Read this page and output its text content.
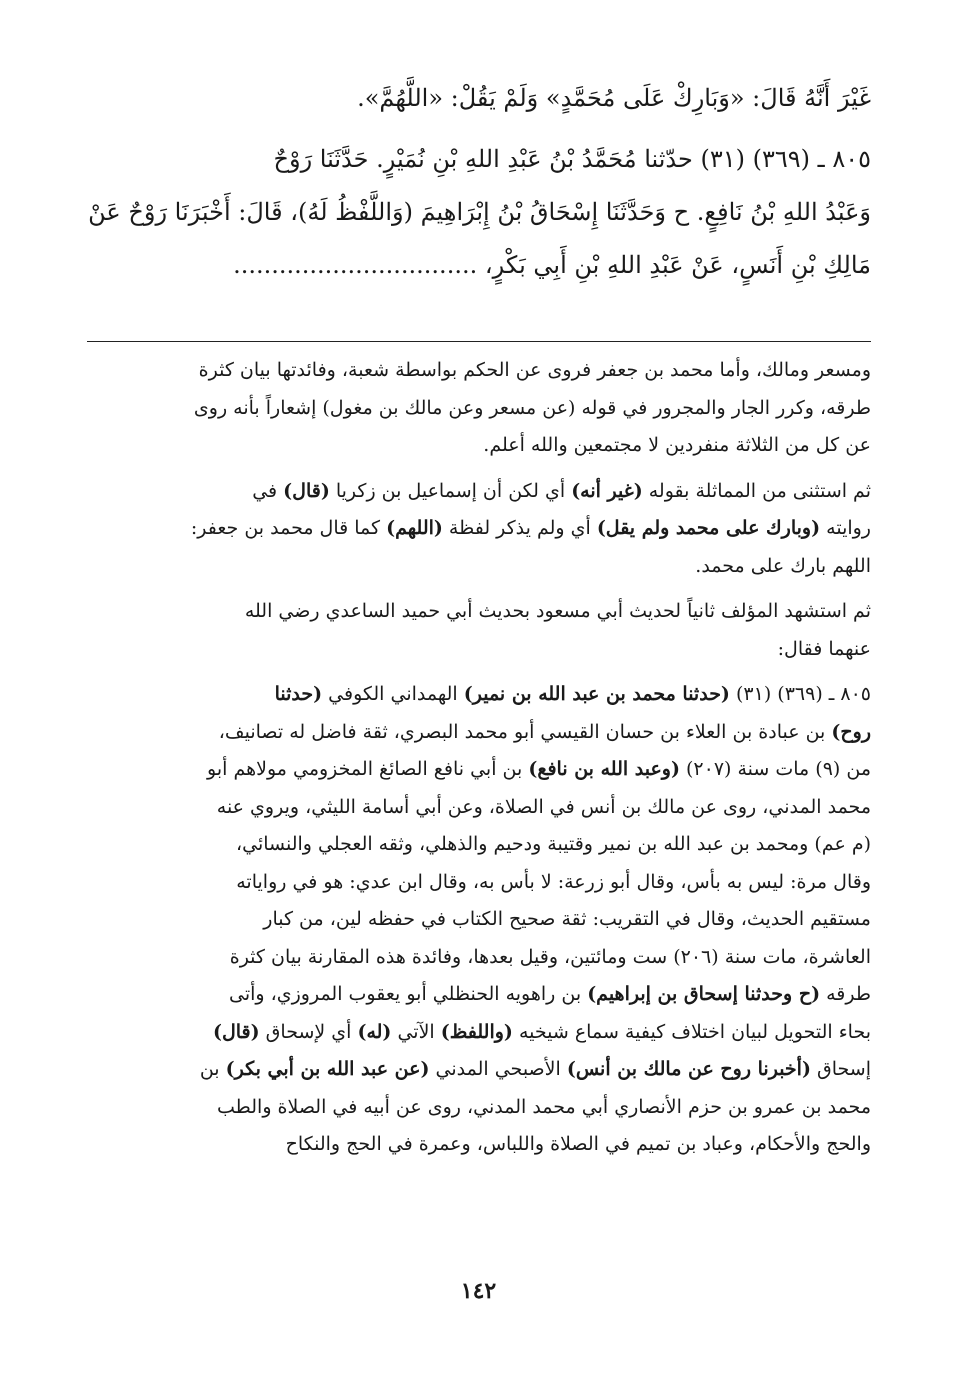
غَيْرَ أَنَّهُ قَالَ: «وَبَارِكْ عَلَى مُحَمَّدٍ» وَلَمْ يَقُلْ: «اللَّهُمَّ».
٨٠٥ ـ (٣٦٩) (٣١) حدّثنا مُحَمَّدُ بْنُ عَبْدِ اللهِ بْنِ نُمَيْرٍ. حَدَّثَنَا رَوْحٌ
وَعَبْدُ اللهِ بْنُ نَافِعٍ. ح وَحَدَّثَنَا إِسْحَاقُ بْنُ إِبْرَاهِيمَ (وَاللَّفْظُ لَهُ)، قَالَ: أَخْبَرَنَا رَوْحٌ عَنْ
مَالِكِ بْنِ أَنَسٍ، عَنْ عَبْدِ اللهِ بْنِ أَبِي بَكْرٍ، ................................
ومسعر ومالك، وأما محمد بن جعفر فروى عن الحكم بواسطة شعبة، وفائدتها بيان كثرة
طرقه، وكرر الجار والمجرور في قوله (عن مسعر وعن مالك بن مغول) إشعاراً بأنه روى
عن كل من الثلاثة منفردين لا مجتمعين والله أعلم.
ثم استثنى من المماثلة بقوله (غير أنه) أي لكن أن إسماعيل بن زكريا (قال) في
روايته (وبارك على محمد ولم يقل) أي ولم يذكر لفظة (اللهم) كما قال محمد بن جعفر:
اللهم بارك على محمد.
ثم استشهد المؤلف ثانياً لحديث أبي مسعود بحديث أبي حميد الساعدي رضي الله
عنهما فقال:
٨٠٥ ـ (٣٦٩) (٣١) (حدثنا محمد بن عبد الله بن نمير) الهمداني الكوفي (حدثنا
روح) بن عبادة بن العلاء بن حسان القيسي أبو محمد البصري، ثقة فاضل له تصانيف،
من (٩) مات سنة (٢٠٧) (وعبد الله بن نافع) بن أبي نافع الصائغ المخزومي مولاهم أبو
محمد المدني، روى عن مالك بن أنس في الصلاة، وعن أبي أسامة الليثي، ويروي عنه
(م عم) ومحمد بن عبد الله بن نمير وقتيبة ودحيم والذهلي، وثقه العجلي والنسائي،
وقال مرة: ليس به بأس، وقال أبو زرعة: لا بأس به، وقال ابن عدي: هو في رواياته
مستقيم الحديث، وقال في التقريب: ثقة صحيح الكتاب في حفظه لين، من كبار
العاشرة، مات سنة (٢٠٦) ست ومائتين، وقيل بعدها، وفائدة هذه المقارنة بيان كثرة
طرقه (ح وحدثنا إسحاق بن إبراهيم) بن راهويه الحنظلي أبو يعقوب المروزي، وأتى
بحاء التحويل لبيان اختلاف كيفية سماع شيخيه (واللفظ) الآتي (له) أي لإسحاق (قال)
إسحاق (أخبرنا روح عن مالك بن أنس) الأصبحي المدني (عن عبد الله بن أبي بكر) بن
محمد بن عمرو بن حزم الأنصاري أبي محمد المدني، روى عن أبيه في الصلاة والطب
والحج والأحكام، وعباد بن تميم في الصلاة واللباس، وعمرة في الحج والنكاح
١٤٢
